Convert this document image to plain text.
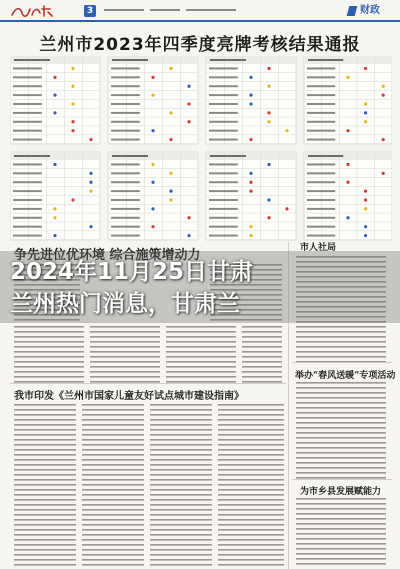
3	财政
兰州市2023年四季度亮牌考核结果通报
争先进位优环境 综合施策增动力
我市印发《兰州市国家儿童友好试点城市建设指南》
市人社局
举办“春风送暖”专项活动
为市乡县发展赋能力
2024年11月25日甘肃
兰州热门消息，甘肃兰
